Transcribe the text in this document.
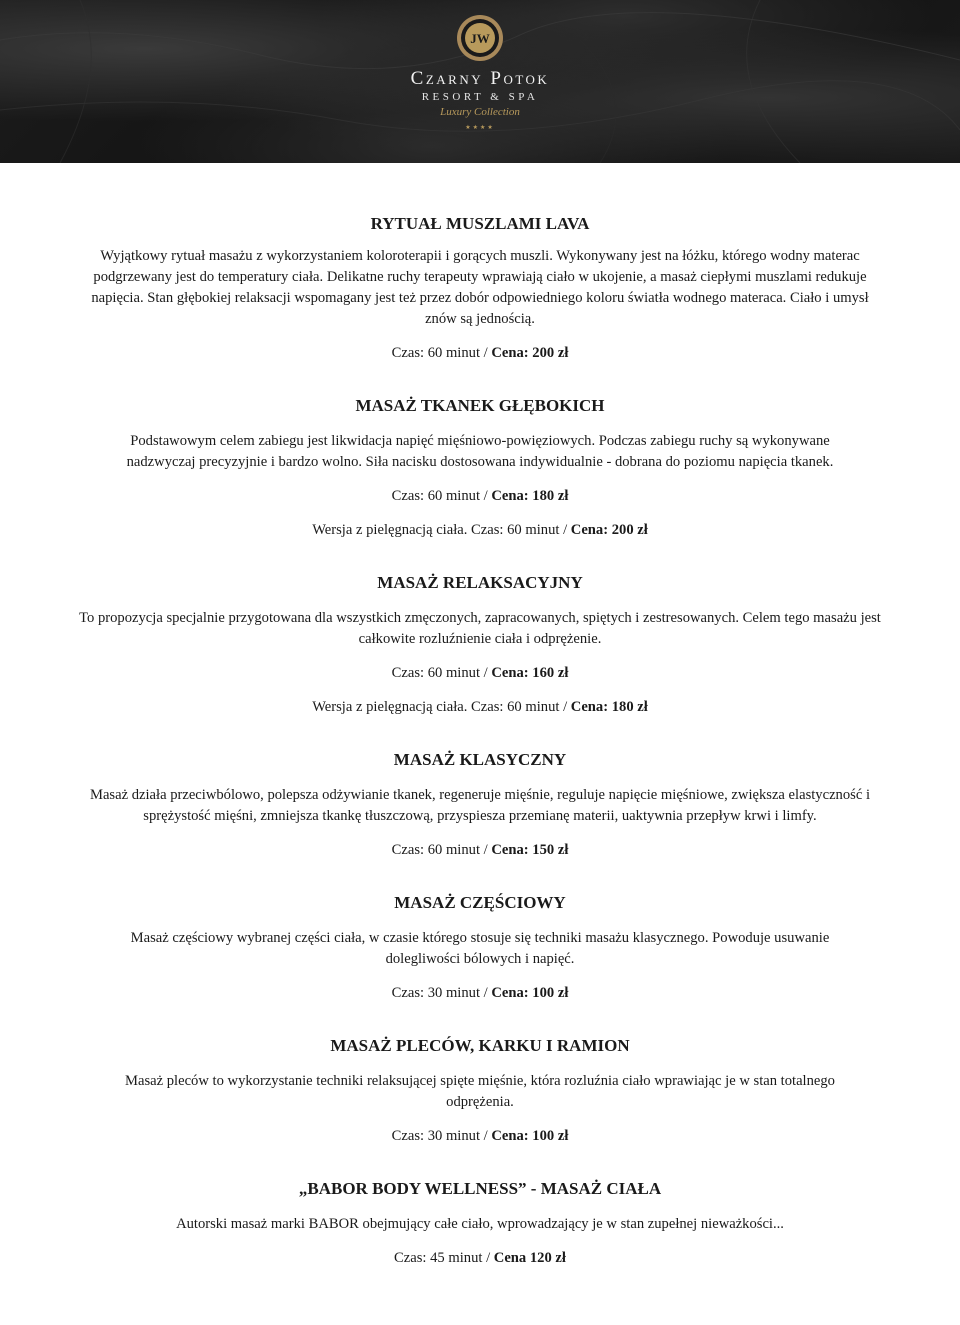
JW
Czarny Potok
RESORT & SPA
Luxury Collection
★★★★
RYTUAŁ MUSZLAMI LAVA

Wyjątkowy rytuał masażu z wykorzystaniem koloroterapii i gorących muszli. Wykonywany jest na łóżku, którego wodny materac podgrzewany jest do temperatury ciała. Delikatne ruchy terapeuty wprawiają ciało w ukojenie, a masaż ciepłymi muszlami redukuje napięcia. Stan głębokiej relaksacji wspomagany jest też przez dobór odpowiedniego koloru światła wodnego materaca. Ciało i umysł znów są jednością.

Czas: 60 minut / Cena: 200 zł
MASAŻ TKANEK GŁĘBOKICH

Podstawowym celem zabiegu jest likwidacja napięć mięśniowo-powięziowych. Podczas zabiegu ruchy są wykonywane nadzwyczaj precyzyjnie i bardzo wolno. Siła nacisku dostosowana indywidualnie - dobrana do poziomu napięcia tkanek.

Czas: 60 minut / Cena: 180 zł
Wersja z pielęgnacją ciała. Czas: 60 minut / Cena: 200 zł
MASAŻ RELAKSACYJNY

To propozycja specjalnie przygotowana dla wszystkich zmęczonych, zapracowanych, spiętych i zestresowanych. Celem tego masażu jest całkowite rozluźnienie ciała i odprężenie.

Czas: 60 minut / Cena: 160 zł
Wersja z pielęgnacją ciała. Czas: 60 minut / Cena: 180 zł
MASAŻ KLASYCZNY

Masaż działa przeciwbólowo, polepsza odżywianie tkanek, regeneruje mięśnie, reguluje napięcie mięśniowe, zwiększa elastyczność i sprężystość mięśni, zmniejsza tkankę tłuszczową, przyspiesza przemianę materii, uaktywnia przepływ krwi i limfy.

Czas: 60 minut / Cena: 150 zł
MASAŻ CZĘŚCIOWY

Masaż częściowy wybranej części ciała, w czasie którego stosuje się techniki masażu klasycznego. Powoduje usuwanie dolegliwości bólowych i napięć.

Czas: 30 minut / Cena: 100 zł
MASAŻ PLECÓW, KARKU I RAMION

Masaż pleców to wykorzystanie techniki relaksującej spięte mięśnie, która rozluźnia ciało wprawiając je w stan totalnego odprężenia.

Czas: 30 minut / Cena: 100 zł
„BABOR BODY WELLNESS” - MASAŻ CIAŁA

Autorski masaż marki BABOR obejmujący całe ciało, wprowadzający je w stan zupełnej nieważkości...

Czas: 45 minut / Cena 120 zł
